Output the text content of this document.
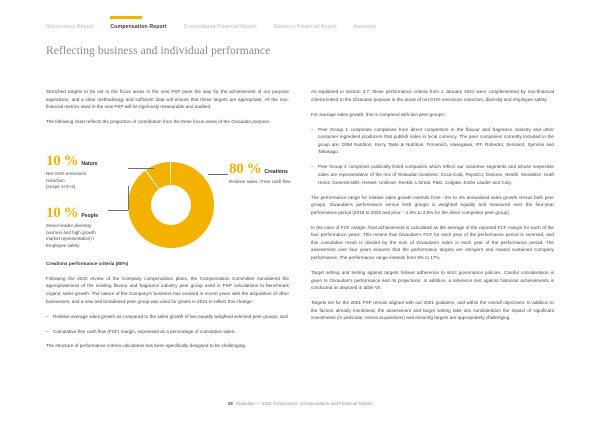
Governance Report	Compensation Report	Consolidated Financial Report	Statutory Financial Report	Appendix
Reflecting business and individual performance

Stretched targets to be set in the focus areas in the new PSP pave the way for the achievement of our purpose aspirations, and a clear methodology and sufficient data will ensure that these targets are appropriate. All the non-financial metrics used in the new PSP will be rigorously measurable and audited.

The following chart reflects the proportion of contribution from the three focus areas of the Givaudan purpose.

Creations performance criteria (80%)

Following the 2020 review of the Company compensation plans, the Compensation Committee considered the appropriateness of the existing flavour and fragrance industry peer group used in PSP calculations to benchmark organic sales growth. The nature of the Company's business has evolved in recent years with the acquisition of other businesses, and a new and broadened peer group was used for grants in 2021 to reflect this change:

– Relative average sales growth as compared to the sales growth of two equally weighted selected peer groups; and

– Cumulative free cash flow (FCF) margin, expressed as a percentage of cumulative sales.

The structure of performance criteria calculation has been specifically designed to be challenging.

10 % Nature
Net GHG emissions
reduction
(scope 1+2+3)
10 % People
Senior leader diversity
(women and high growth
market representation) /
Employee safety
80 % Creations
Relative sales / Free cash flow

As explained in section 3.7, these performance criteria from 1 January 2021 were complemented by non-financial criteria linked to the Givaudan purpose in the areas of net GHG emissions reduction, diversity and employee safety.

For average sales growth, this is compared with two peer groups:

– Peer Group 1 comprises companies from direct competitors in the flavour and fragrance industry and other consumer ingredient producers that publish sales in local currency. The peer companies currently included in the group are: DSM Nutrition, Kerry Taste & Nutrition, Firmenich, Hasegawa, IFF, Robertet, Sensient, Symrise and Takasago.

– Peer Group 2 comprises publically listed companies which reflect our customer segments and whose respective sales are representative of the mix of Givaudan business: Coca-Cola, PepsiCo, Danone, Nestlé, Mondelez, Kraft Heinz, General Mills, Henkel, Unilever, Reckitt, L'Oreal, P&G, Colgate, Estée Lauder and Coty.

The performance range for relative sales growth extends from −2% to 3% annualised sales growth versus both peer groups. Givaudan's performance versus both groups is weighted equally and measured over the four-year performance period (2018 to 2020 and prior: −1.5% to 2.5% for the direct competitor peer group).

In the case of FCF margin, final achievement is calculated as the average of the reported FCF margin for each of the four performance years. This means that Givaudan's FCF for each year of the performance period is summed, and this cumulative result is divided by the sum of Givaudan's sales in each year of the performance period. The assessment over four years ensures that the performance targets are stringent and reward sustained Company performance. The performance range extends from 9% to 17%.

Target setting and testing against targets follows adherence to strict governance policies. Careful consideration is given to Givaudan's performance and its projections. In addition, a reference test against historical achievements is conducted as depicted in table VII.

Targets set for the 2021 PSP remain aligned with our 2021 guidance, and within the overall objectives. In addition to the factors already mentioned, the assessment and target setting take into consideration the impact of significant investments (in particular, recent acquisitions) and ensuring targets are appropriately challenging.

28 Givaudan — 2021 Governance, Compensation and Financial Report
